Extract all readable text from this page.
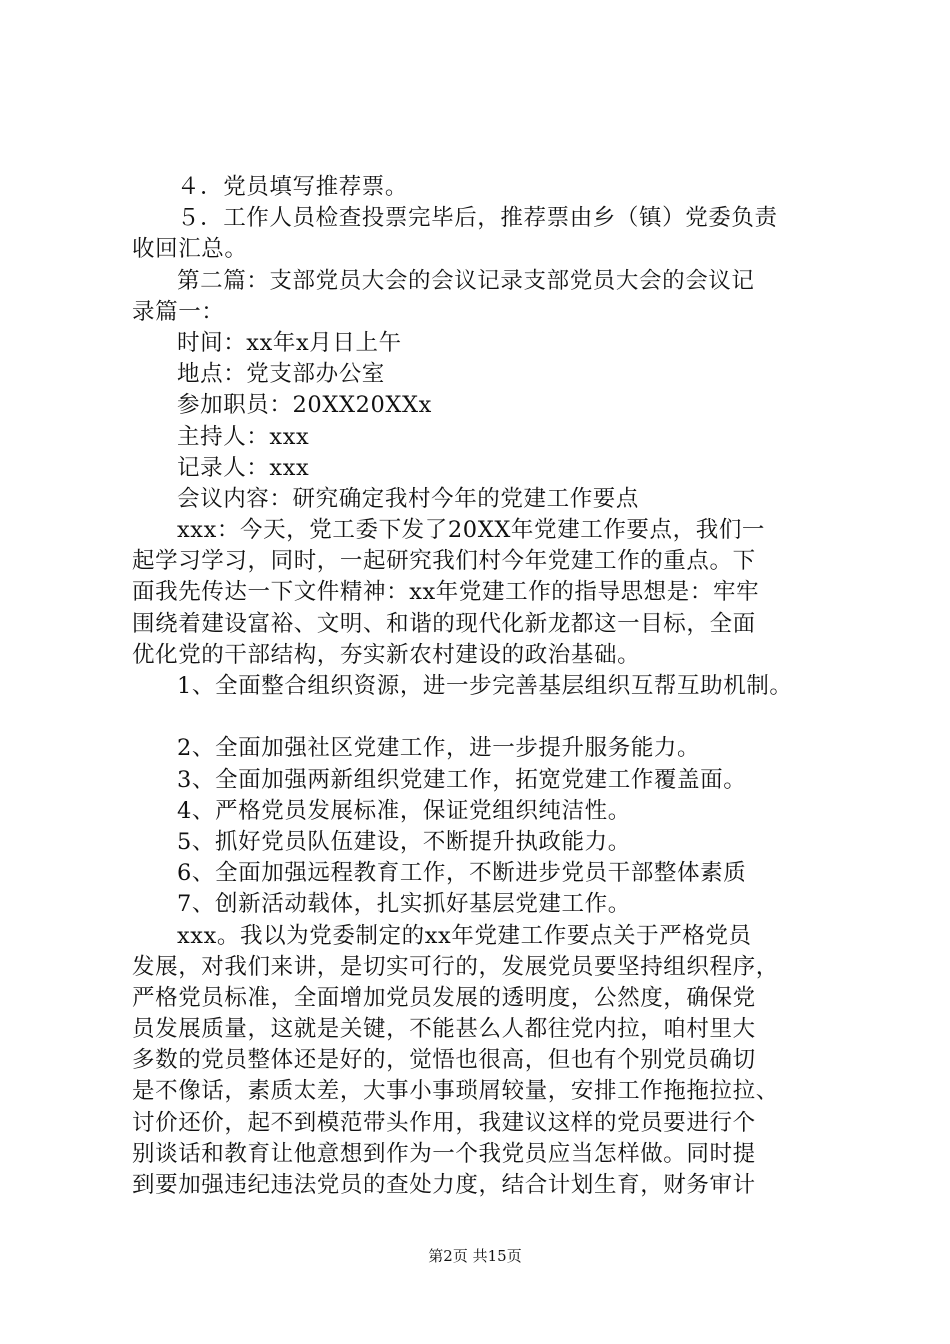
４．党员填写推荐票。
５．工作人员检查投票完毕后，推荐票由乡（镇）党委负责
收回汇总。
第二篇：支部党员大会的会议记录支部党员大会的会议记
录篇一：
时间：xx年x月日上午
地点：党支部办公室
参加职员：20XX20XXx
主持人：xxx
记录人：xxx
会议内容：研究确定我村今年的党建工作要点
xxx：今天，党工委下发了20XX年党建工作要点，我们一
起学习学习，同时，一起研究我们村今年党建工作的重点。下
面我先传达一下文件精神：xx年党建工作的指导思想是：牢牢
围绕着建设富裕、文明、和谐的现代化新龙都这一目标，全面
优化党的干部结构，夯实新农村建设的政治基础。
1、全面整合组织资源，进一步完善基层组织互帮互助机制。
2、全面加强社区党建工作，进一步提升服务能力。
3、全面加强两新组织党建工作，拓宽党建工作覆盖面。
4、严格党员发展标准，保证党组织纯洁性。
5、抓好党员队伍建设，不断提升执政能力。
6、全面加强远程教育工作，不断进步党员干部整体素质
7、创新活动载体，扎实抓好基层党建工作。
xxx。我以为党委制定的xx年党建工作要点关于严格党员
发展，对我们来讲，是切实可行的，发展党员要坚持组织程序，
严格党员标准，全面增加党员发展的透明度，公然度，确保党
员发展质量，这就是关键，不能甚么人都往党内拉，咱村里大
多数的党员整体还是好的，觉悟也很高，但也有个别党员确切
是不像话，素质太差，大事小事琐屑较量，安排工作拖拖拉拉、
讨价还价，起不到模范带头作用，我建议这样的党员要进行个
别谈话和教育让他意想到作为一个我党员应当怎样做。同时提
到要加强违纪违法党员的查处力度，结合计划生育，财务审计
第2页 共15页
